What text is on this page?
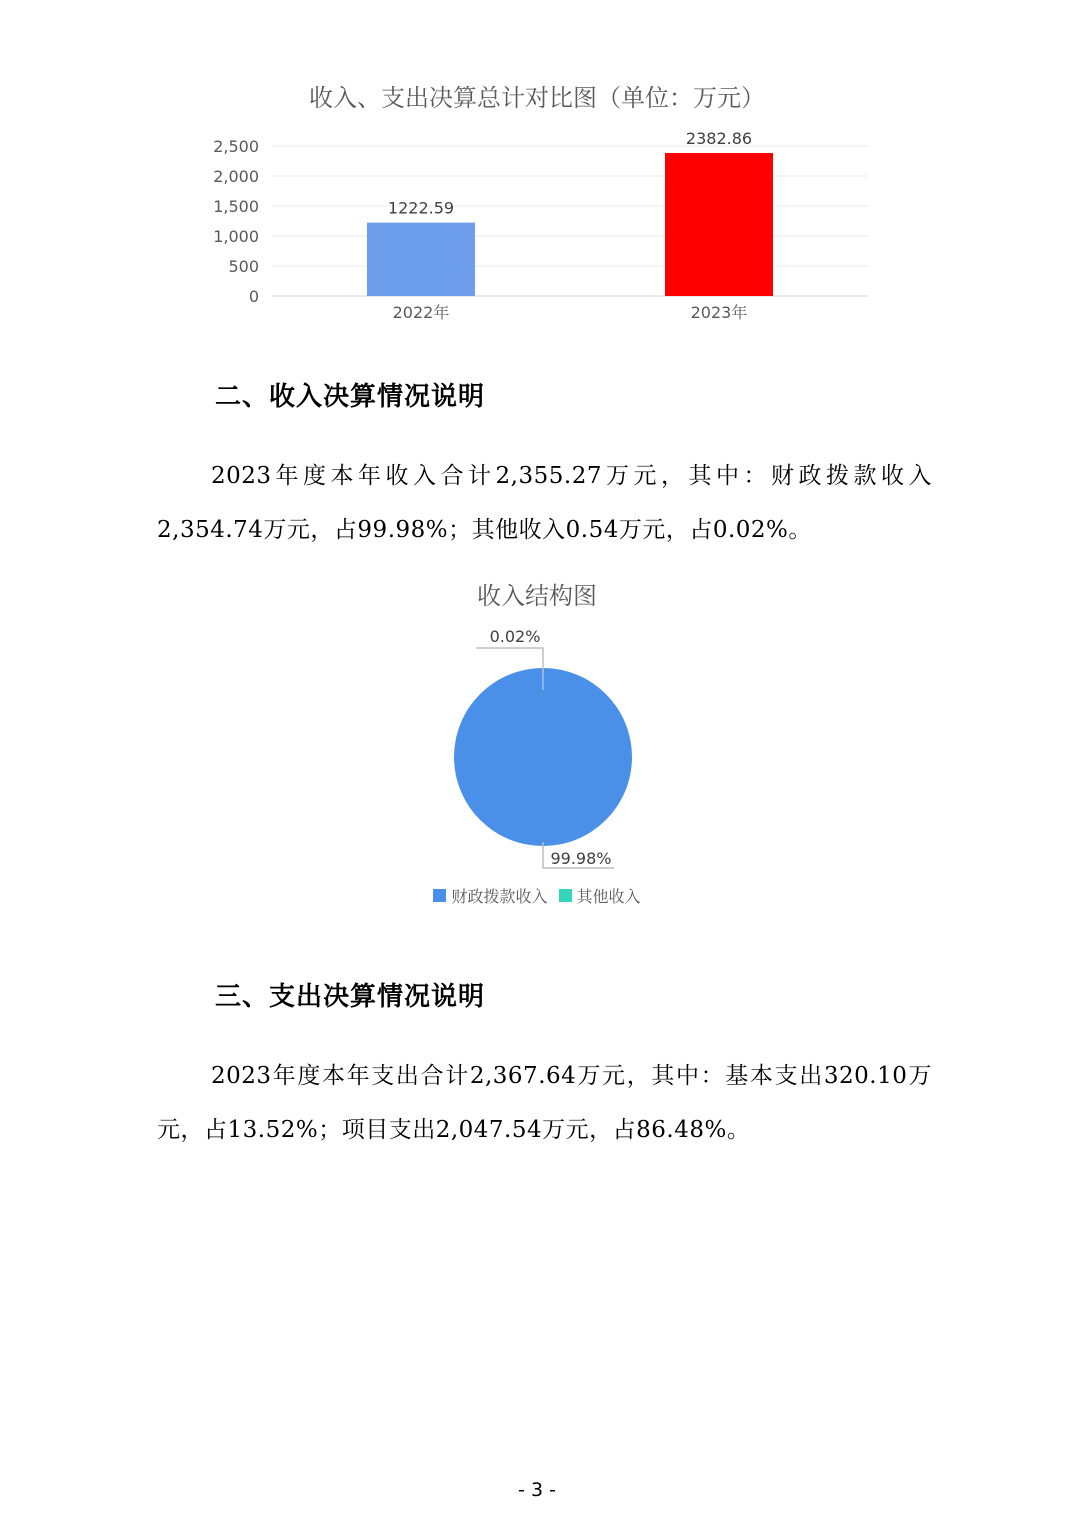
收入、支出决算总计对比图（单位：万元）
0
500
1,000
1,500
2,000
2,500
1222.59
2022年
2382.86
2023年
二、收入决算情况说明
2023年度本年收入合计2,355.27万元，其中：财政拨款收入2,354.74万元，占99.98%；其他收入0.54万元，占0.02%。
收入结构图
0.02%
99.98%
财政拨款收入
其他收入
三、支出决算情况说明
2023年度本年支出合计2,367.64万元，其中：基本支出320.10万元，占13.52%；项目支出2,047.54万元，占86.48%。
- 3 -
